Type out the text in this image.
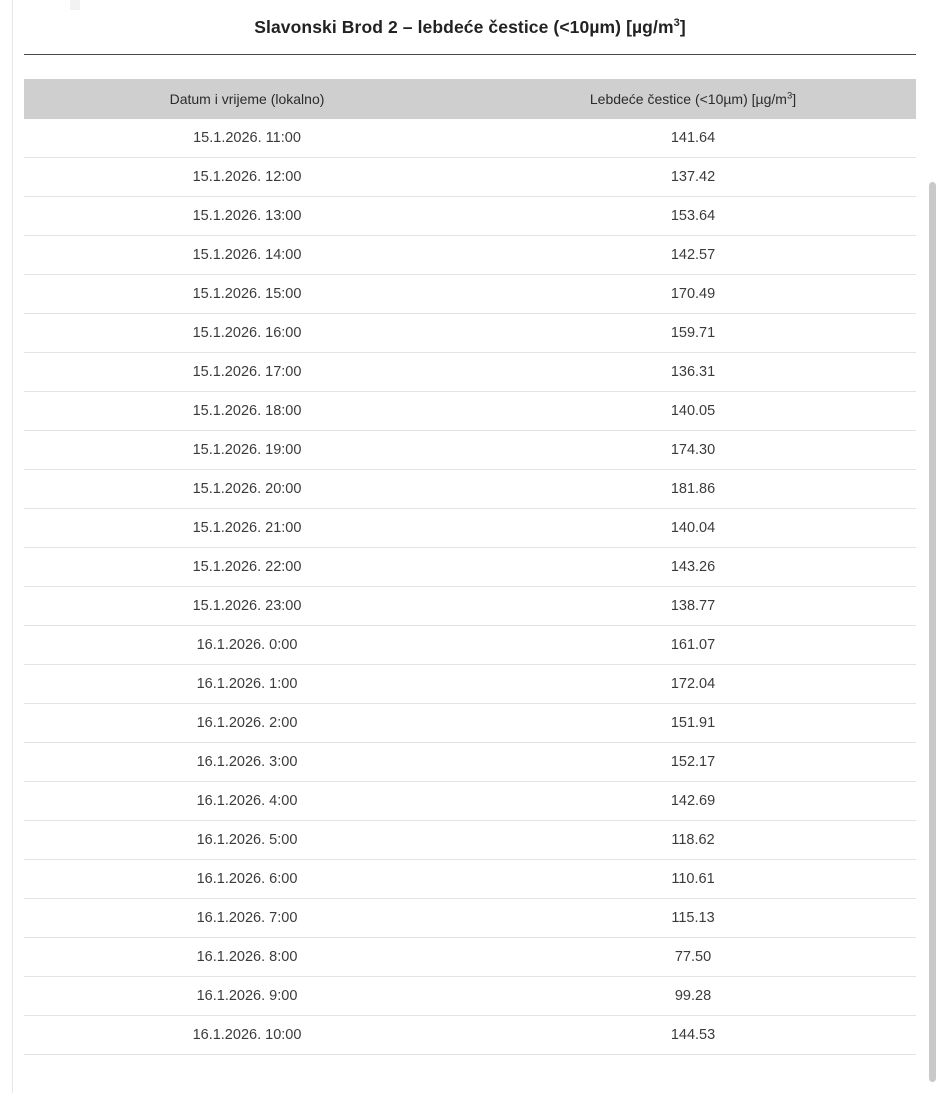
Slavonski Brod 2 – lebdeće čestice (<10µm) $[\mu g/m^3]$
Datum i vrijeme (lokalno)	Lebdeće čestice (<10µm) $[\mu g/m^3]$
15.1.2026. 11:00	141.64
15.1.2026. 12:00	137.42
15.1.2026. 13:00	153.64
15.1.2026. 14:00	142.57
15.1.2026. 15:00	170.49
15.1.2026. 16:00	159.71
15.1.2026. 17:00	136.31
15.1.2026. 18:00	140.05
15.1.2026. 19:00	174.30
15.1.2026. 20:00	181.86
15.1.2026. 21:00	140.04
15.1.2026. 22:00	143.26
15.1.2026. 23:00	138.77
16.1.2026. 0:00	161.07
16.1.2026. 1:00	172.04
16.1.2026. 2:00	151.91
16.1.2026. 3:00	152.17
16.1.2026. 4:00	142.69
16.1.2026. 5:00	118.62
16.1.2026. 6:00	110.61
16.1.2026. 7:00	115.13
16.1.2026. 8:00	77.50
16.1.2026. 9:00	99.28
16.1.2026. 10:00	144.53
